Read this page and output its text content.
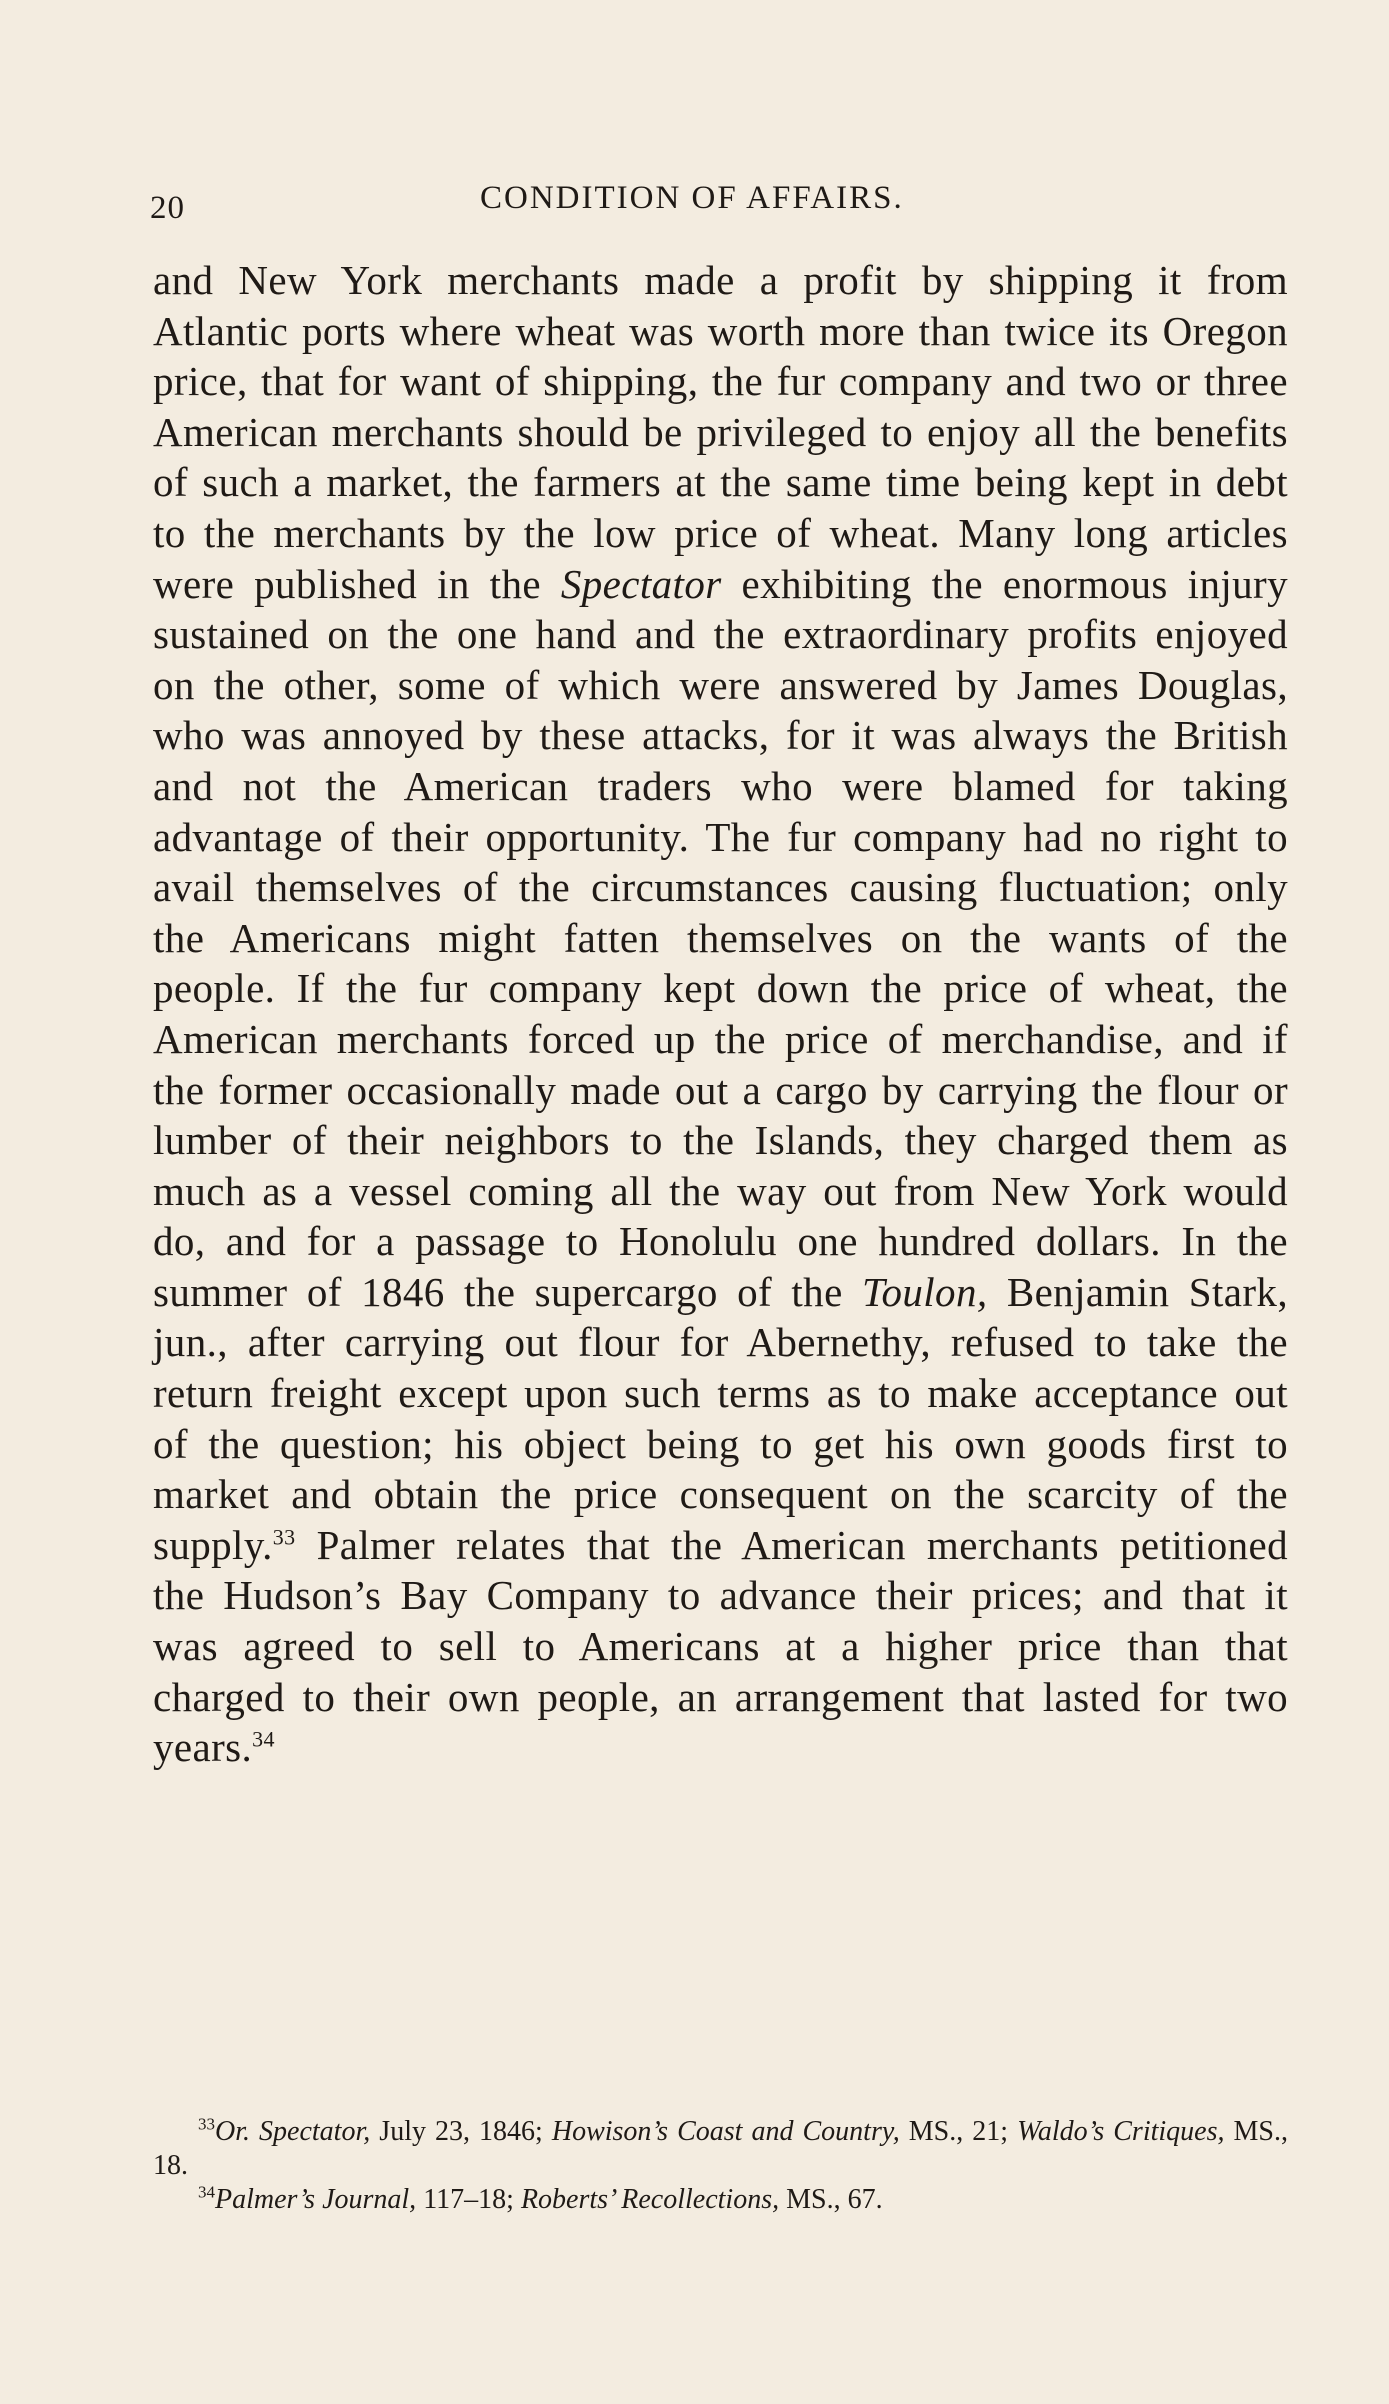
20	CONDITION OF AFFAIRS.

and New York merchants made a profit by shipping it from Atlantic ports where wheat was worth more than twice its Oregon price, that for want of shipping, the fur company and two or three American merchants should be privileged to enjoy all the benefits of such a market, the farmers at the same time being kept in debt to the merchants by the low price of wheat. Many long articles were published in the Spectator exhibiting the enormous injury sustained on the one hand and the extraordinary profits enjoyed on the other, some of which were answered by James Douglas, who was annoyed by these attacks, for it was always the British and not the American traders who were blamed for taking advantage of their opportunity. The fur company had no right to avail themselves of the circumstances causing fluctuation; only the Americans might fatten themselves on the wants of the people. If the fur company kept down the price of wheat, the American merchants forced up the price of merchandise, and if the former occasionally made out a cargo by carrying the flour or lumber of their neighbors to the Islands, they charged them as much as a vessel coming all the way out from New York would do, and for a passage to Honolulu one hundred dollars. In the summer of 1846 the supercargo of the Toulon, Benjamin Stark, jun., after carrying out flour for Abernethy, refused to take the return freight except upon such terms as to make acceptance out of the question; his object being to get his own goods first to market and obtain the price consequent on the scarcity of the supply.$^{33}$ Palmer relates that the American merchants petitioned the Hudson’s Bay Company to advance their prices; and that it was agreed to sell to Americans at a higher price than that charged to their own people, an arrangement that lasted for two years.$^{34}$

$^{33}$Or. Spectator, July 23, 1846; Howison’s Coast and Country, MS., 21; Waldo’s Critiques, MS., 18.

$^{34}$Palmer’s Journal, 117–18; Roberts’ Recollections, MS., 67.
